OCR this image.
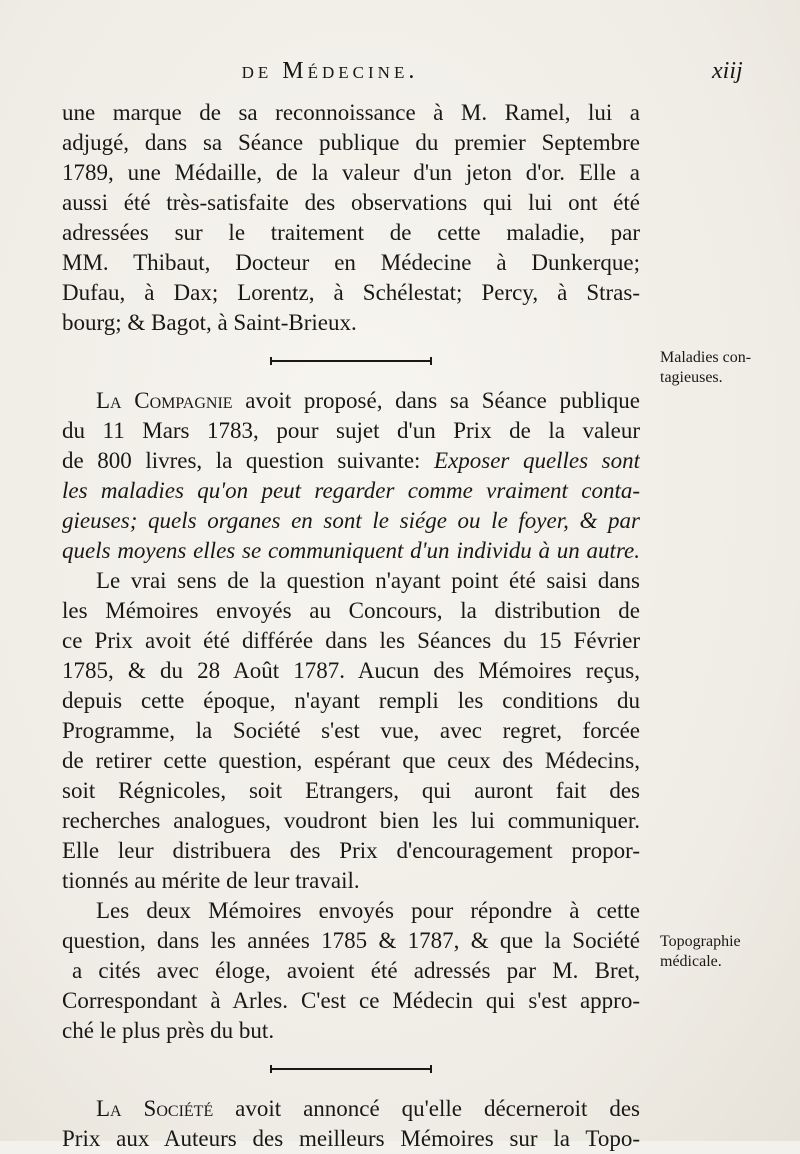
de Médecine.	xiij
une marque de sa reconnoissance à M. Ramel, lui a
adjugé, dans sa Séance publique du premier Septembre
1789, une Médaille, de la valeur d'un jeton d'or. Elle a
aussi été très-satisfaite des observations qui lui ont été
adressées sur le traitement de cette maladie, par
MM. Thibaut, Docteur en Médecine à Dunkerque;
Dufau, à Dax; Lorentz, à Schélestat; Percy, à Stras-
bourg; & Bagot, à Saint-Brieux.
La Compagnie avoit proposé, dans sa Séance publique
du 11 Mars 1783, pour sujet d'un Prix de la valeur
de 800 livres, la question suivante: Exposer quelles sont
les maladies qu'on peut regarder comme vraiment conta-
gieuses; quels organes en sont le siége ou le foyer, & par
quels moyens elles se communiquent d'un individu à un autre.
Le vrai sens de la question n'ayant point été saisi dans
les Mémoires envoyés au Concours, la distribution de
ce Prix avoit été différée dans les Séances du 15 Février
1785, & du 28 Août 1787. Aucun des Mémoires reçus,
depuis cette époque, n'ayant rempli les conditions du
Programme, la Société s'est vue, avec regret, forcée
de retirer cette question, espérant que ceux des Médecins,
soit Régnicoles, soit Etrangers, qui auront fait des
recherches analogues, voudront bien les lui communiquer.
Elle leur distribuera des Prix d'encouragement propor-
tionnés au mérite de leur travail.
Les deux Mémoires envoyés pour répondre à cette
question, dans les années 1785 & 1787, & que la Société
a cités avec éloge, avoient été adressés par M. Bret,
Correspondant à Arles. C'est ce Médecin qui s'est appro-
ché le plus près du but.
La Société avoit annoncé qu'elle décerneroit des
Prix aux Auteurs des meilleurs Mémoires sur la Topo-
Maladies con-
tagieuses.
Topographie
médicale.
